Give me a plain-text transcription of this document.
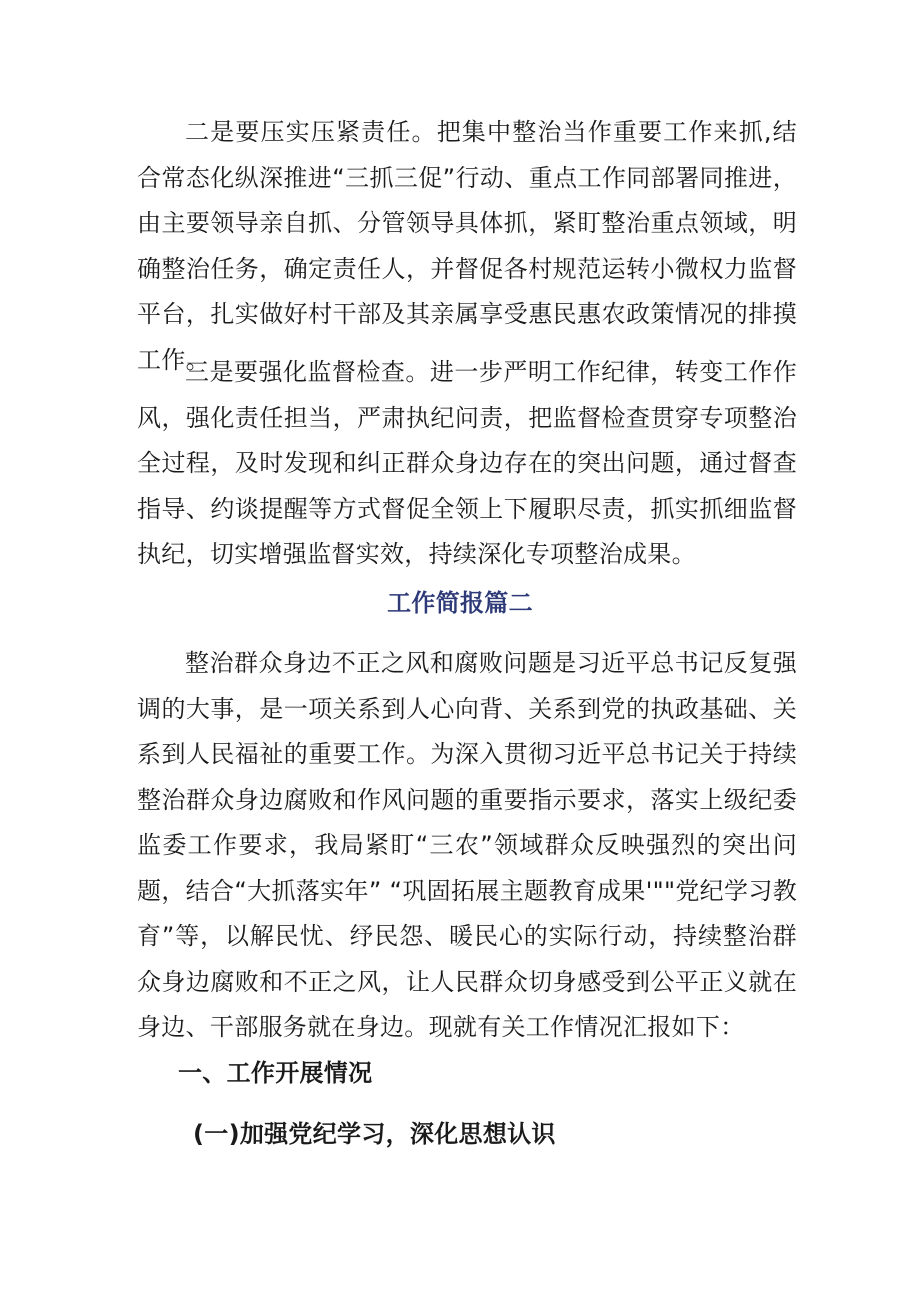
二是要压实压紧责任。把集中整治当作重要工作来抓,结合常态化纵深推进“三抓三促”行动、重点工作同部署同推进，由主要领导亲自抓、分管领导具体抓，紧盯整治重点领域，明确整治任务，确定责任人，并督促各村规范运转小微权力监督平台，扎实做好村干部及其亲属享受惠民惠农政策情况的排摸工作。

三是要强化监督检查。进一步严明工作纪律，转变工作作风，强化责任担当，严肃执纪问责，把监督检查贯穿专项整治全过程，及时发现和纠正群众身边存在的突出问题，通过督查指导、约谈提醒等方式督促全领上下履职尽责，抓实抓细监督执纪，切实增强监督实效，持续深化专项整治成果。

工作简报篇二

整治群众身边不正之风和腐败问题是习近平总书记反复强调的大事，是一项关系到人心向背、关系到党的执政基础、关系到人民福祉的重要工作。为深入贯彻习近平总书记关于持续整治群众身边腐败和作风问题的重要指示要求，落实上级纪委监委工作要求，我局紧盯“三农”领域群众反映强烈的突出问题，结合“大抓落实年” “巩固拓展主题教育成果'""党纪学习教育”等，以解民忧、纾民怨、暖民心的实际行动，持续整治群众身边腐败和不正之风，让人民群众切身感受到公平正义就在身边、干部服务就在身边。现就有关工作情况汇报如下：

一、工作开展情况
(一)加强党纪学习，深化思想认识
